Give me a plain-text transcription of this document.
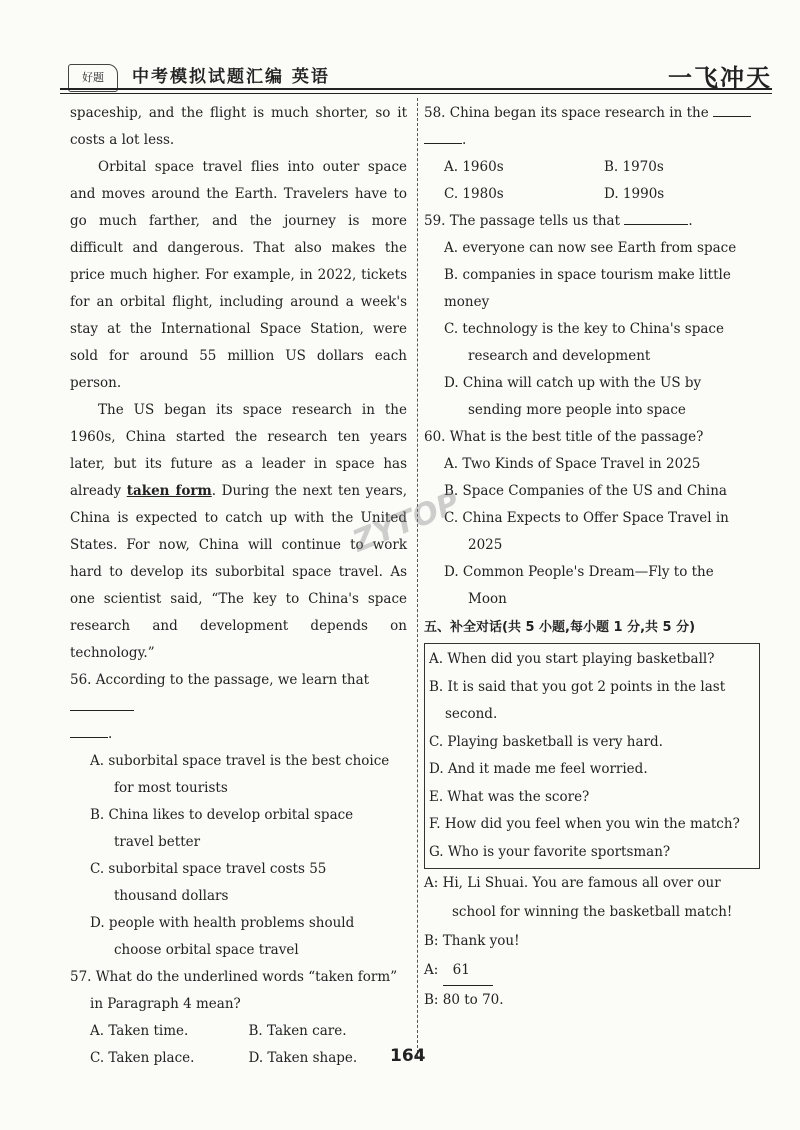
好题	中考模拟试题汇编 英语	一飞冲天

spaceship, and the flight is much shorter, so it costs a lot less.

Orbital space travel flies into outer space and moves around the Earth. Travelers have to go much farther, and the journey is more difficult and dangerous. That also makes the price much higher. For example, in 2022, tickets for an orbital flight, including around a week's stay at the International Space Station, were sold for around 55 million US dollars each person.

The US began its space research in the 1960s, China started the research ten years later, but its future as a leader in space has already taken form. During the next ten years, China is expected to catch up with the United States. For now, China will continue to work hard to develop its suborbital space travel. As one scientist said, “The key to China's space research and development depends on technology.”

56. According to the passage, we learn that
.
A. suborbital space travel is the best choice
for most tourists
B. China likes to develop orbital space
travel better
C. suborbital space travel costs 55
thousand dollars
D. people with health problems should
choose orbital space travel
57. What do the underlined words “taken form”
in Paragraph 4 mean?
A. Taken time.	B. Taken care.
C. Taken place.	D. Taken shape.
58. China began its space research in the
.
A. 1960s	B. 1970s
C. 1980s	D. 1990s
59. The passage tells us that	.
A. everyone can now see Earth from space
B. companies in space tourism make little money
C. technology is the key to China's space
research and development
D. China will catch up with the US by
sending more people into space
60. What is the best title of the passage?
A. Two Kinds of Space Travel in 2025
B. Space Companies of the US and China
C. China Expects to Offer Space Travel in
2025
D. Common People's Dream—Fly to the
Moon
五、补全对话(共 5 小题,每小题 1 分,共 5 分)
A. When did you start playing basketball?
B. It is said that you got 2 points in the last
second.
C. Playing basketball is very hard.
D. And it made me feel worried.
E. What was the score?
F. How did you feel when you win the match?
G. Who is your favorite sportsman?
A: Hi, Li Shuai. You are famous all over our
school for winning the basketball match!
B: Thank you!
A: 61
B: 80 to 70.
ZYTOP
164
